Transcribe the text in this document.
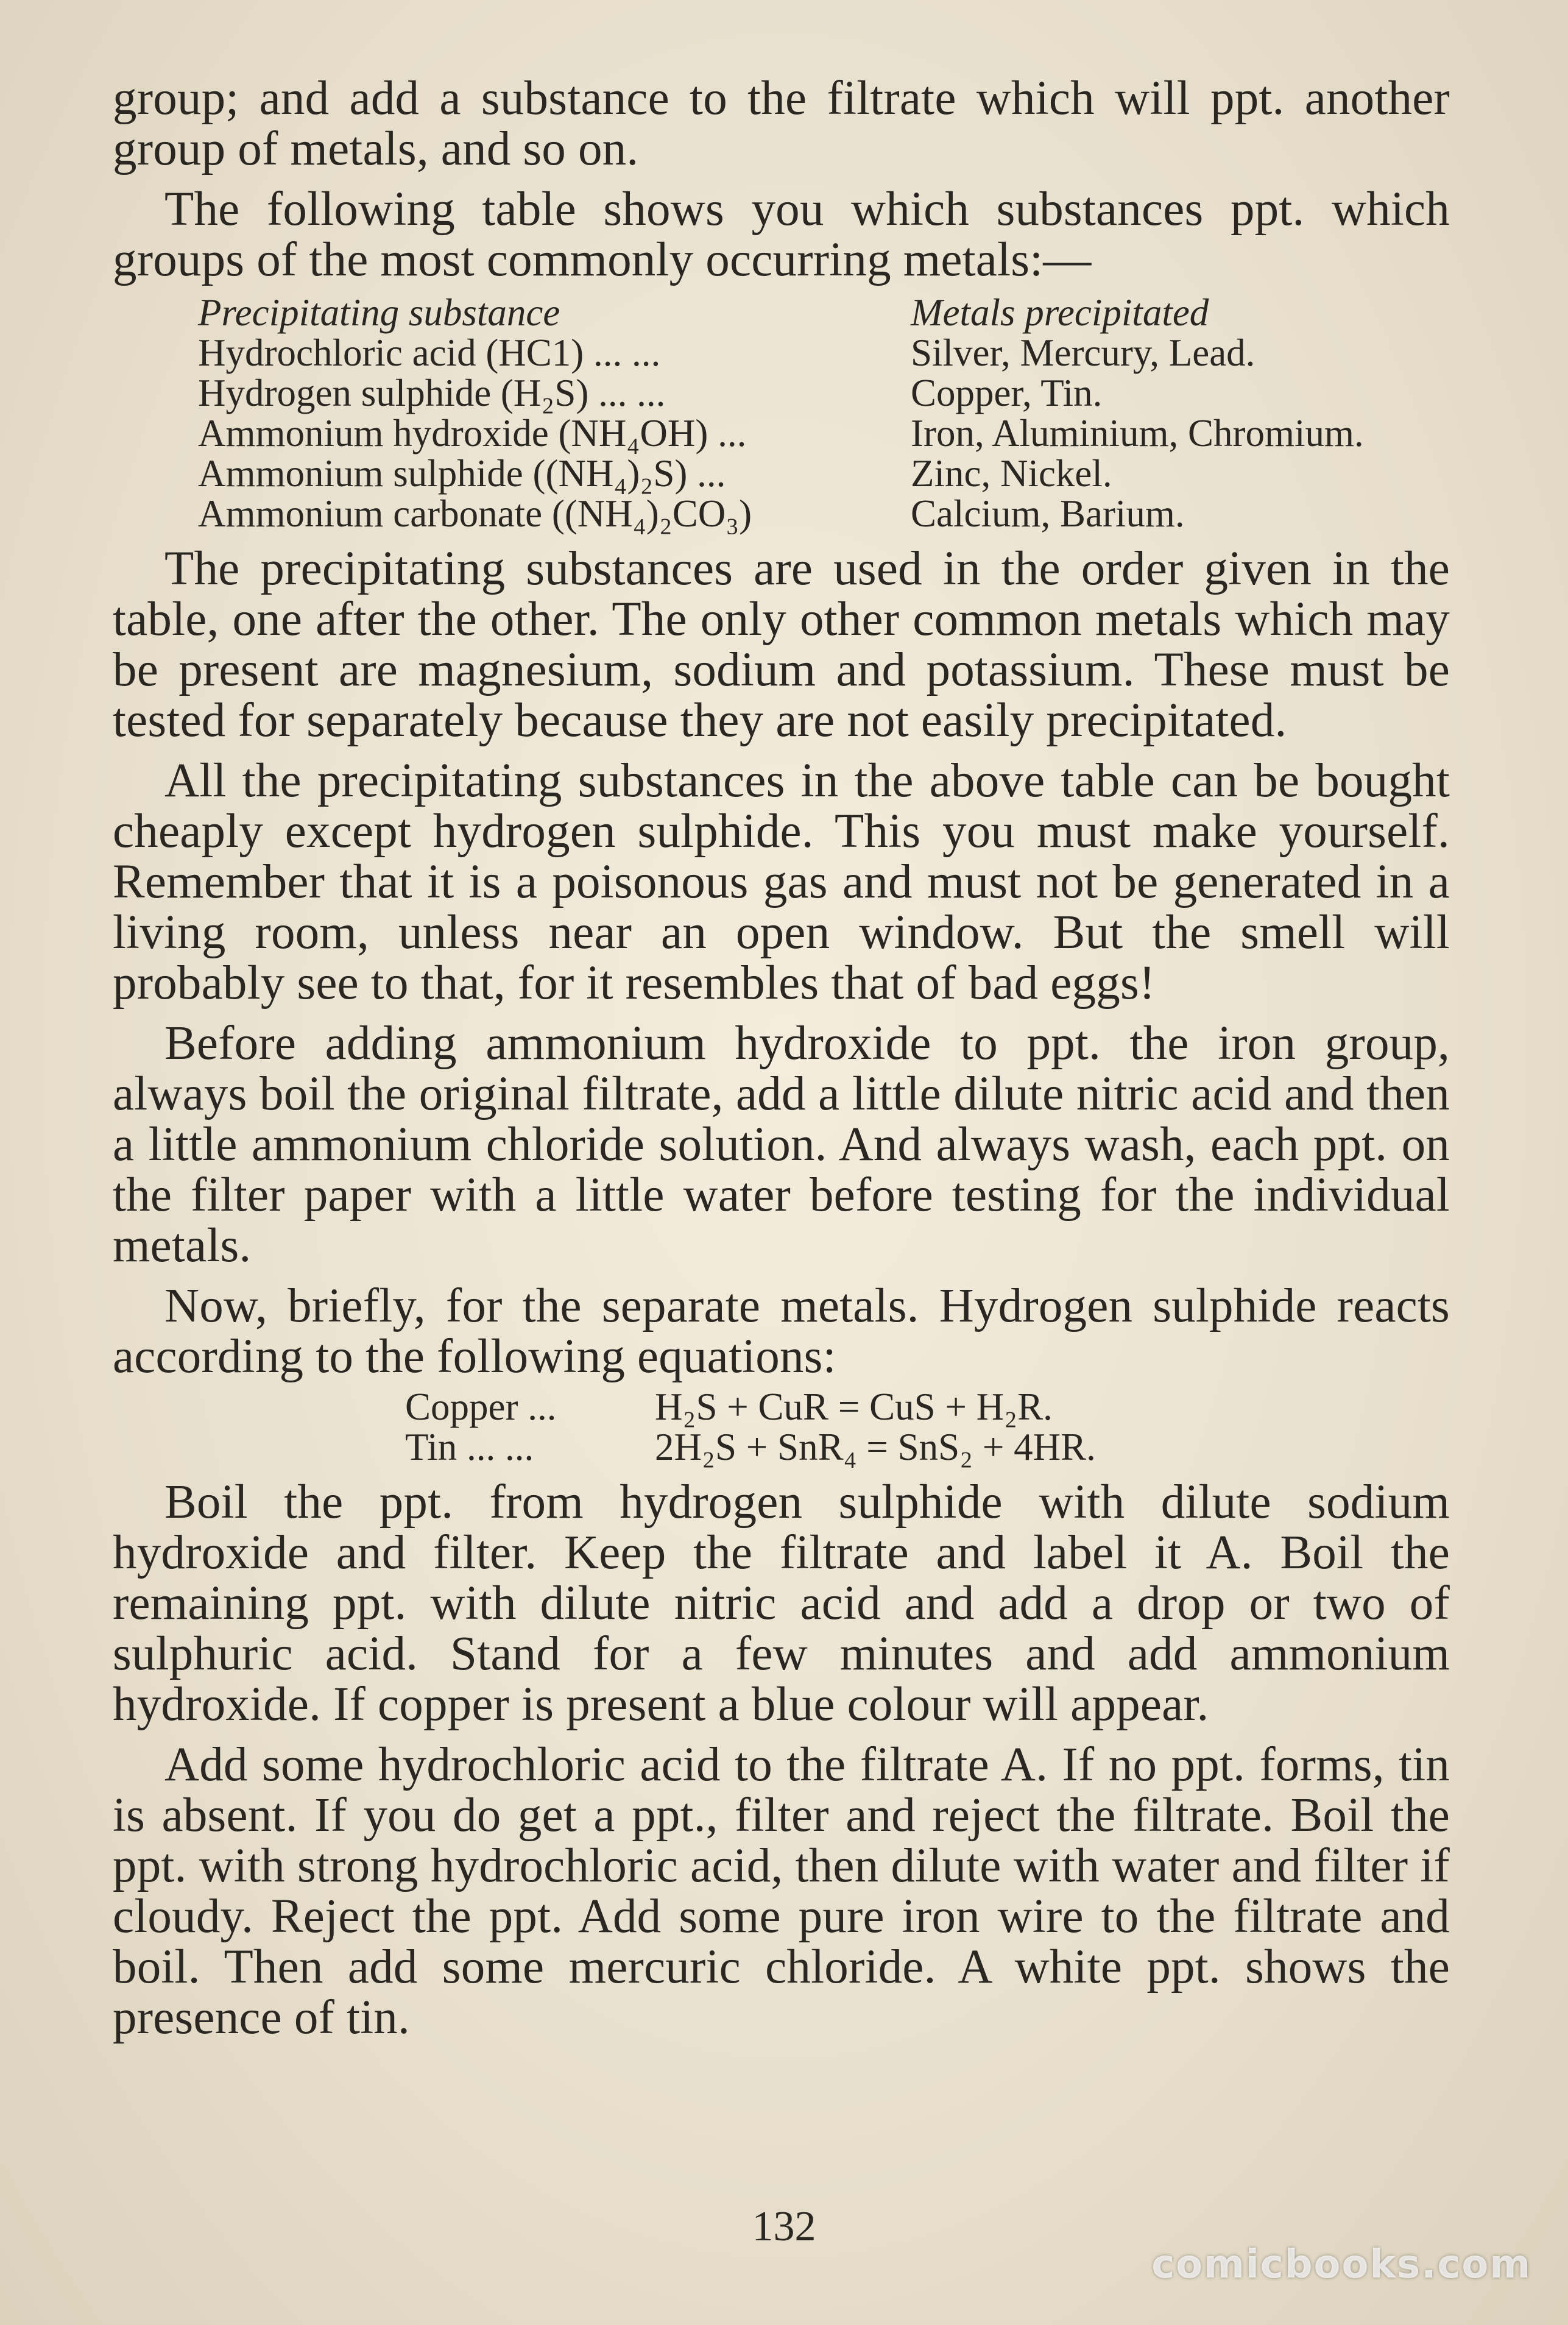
group; and add a substance to the filtrate which will ppt. another group of metals, and so on.

The following table shows you which substances ppt. which groups of the most commonly occurring metals:—

Precipitating substance	Metals precipitated
Hydrochloric acid (HC1) ... ...	Silver, Mercury, Lead.
Hydrogen sulphide (H₂S) ... ...	Copper, Tin.
Ammonium hydroxide (NH₄OH) ...	Iron, Aluminium, Chromium.
Ammonium sulphide ((NH₄)₂S) ...	Zinc, Nickel.
Ammonium carbonate ((NH₄)₂CO₃)	Calcium, Barium.

The precipitating substances are used in the order given in the table, one after the other. The only other common metals which may be present are magnesium, sodium and potassium. These must be tested for separately because they are not easily precipitated.

All the precipitating substances in the above table can be bought cheaply except hydrogen sulphide. This you must make yourself. Remember that it is a poisonous gas and must not be generated in a living room, unless near an open window. But the smell will probably see to that, for it resembles that of bad eggs!

Before adding ammonium hydroxide to ppt. the iron group, always boil the original filtrate, add a little dilute nitric acid and then a little ammonium chloride solution. And always wash, each ppt. on the filter paper with a little water before testing for the individual metals.

Now, briefly, for the separate metals. Hydrogen sulphide reacts according to the following equations:

Copper ...	H₂S + CuR = CuS + H₂R.
Tin ... ...	2H₂S + SnR₄ = SnS₂ + 4HR.

Boil the ppt. from hydrogen sulphide with dilute sodium hydroxide and filter. Keep the filtrate and label it A. Boil the remaining ppt. with dilute nitric acid and add a drop or two of sulphuric acid. Stand for a few minutes and add ammonium hydroxide. If copper is present a blue colour will appear.

Add some hydrochloric acid to the filtrate A. If no ppt. forms, tin is absent. If you do get a ppt., filter and reject the filtrate. Boil the ppt. with strong hydrochloric acid, then dilute with water and filter if cloudy. Reject the ppt. Add some pure iron wire to the filtrate and boil. Then add some mercuric chloride. A white ppt. shows the presence of tin.

132
comicbooks.com
